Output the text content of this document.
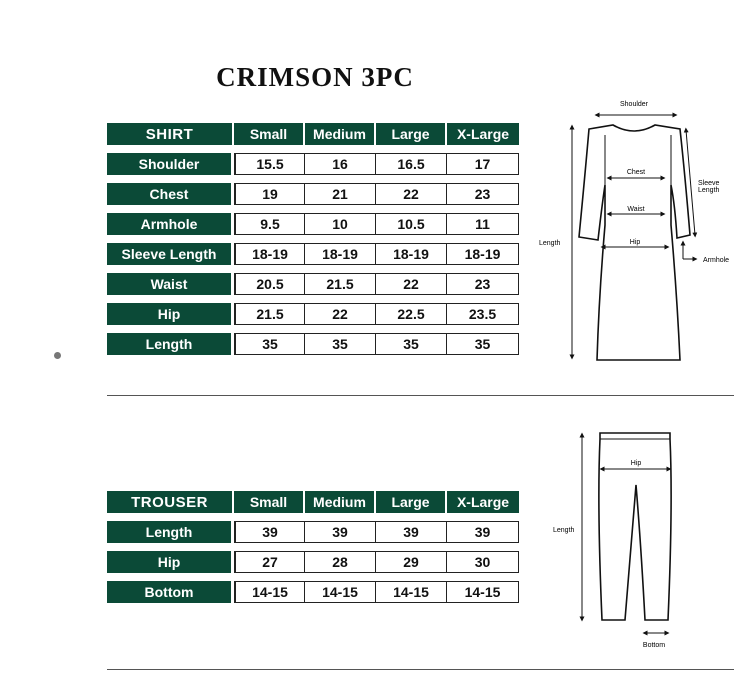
CRIMSON 3PC
SHIRT	Small	Medium	Large	X-Large
Shoulder	15.5	16	16.5	17
Chest	19	21	22	23
Armhole	9.5	10	10.5	11
Sleeve Length	18-19	18-19	18-19	18-19
Waist	20.5	21.5	22	23
Hip	21.5	22	22.5	23.5
Length	35	35	35	35
Shoulder
Chest
Waist
Hip
Length
Sleeve
Length
Armhole
TROUSER	Small	Medium	Large	X-Large
Length	39	39	39	39
Hip	27	28	29	30
Bottom	14-15	14-15	14-15	14-15
Hip
Length
Bottom
